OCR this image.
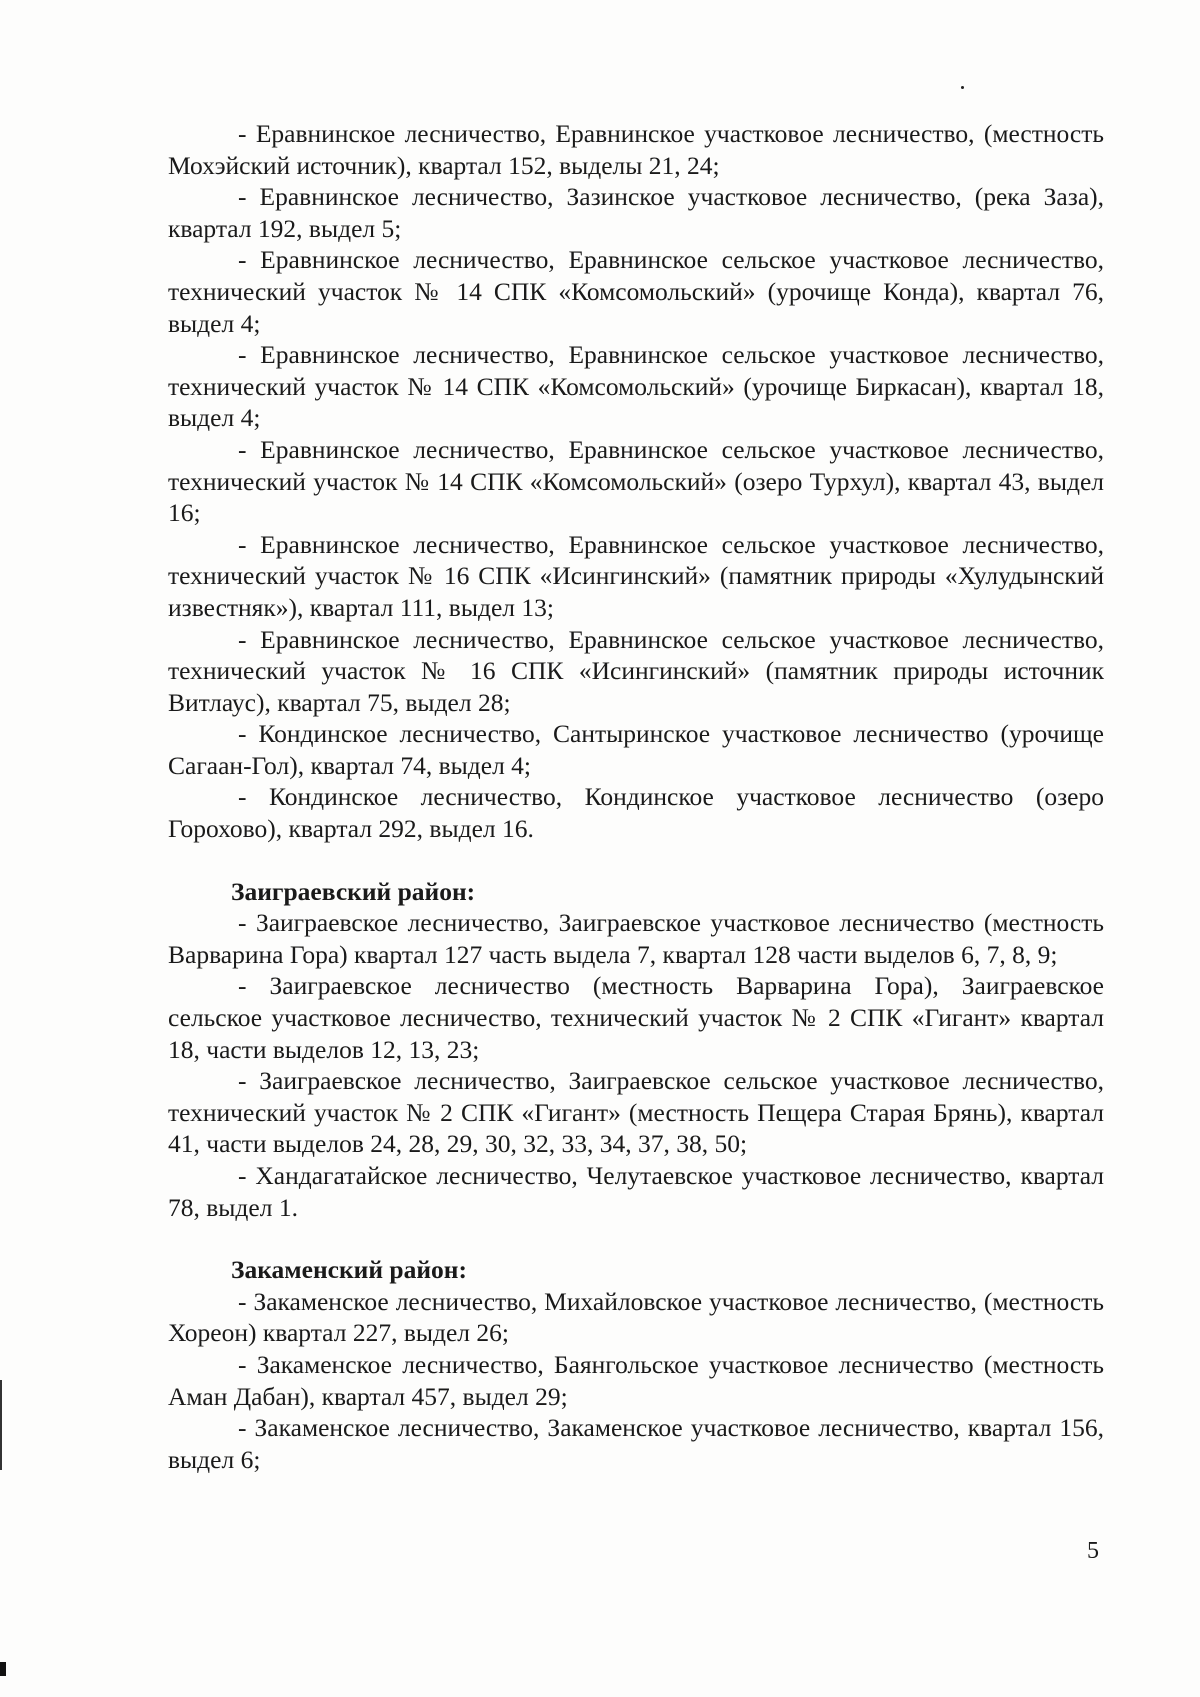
- Еравнинское лесничество, Еравнинское участковое лесничество, (местность Мохэйский источник), квартал 152, выделы 21, 24;

- Еравнинское лесничество, Зазинское участковое лесничество, (река Заза), квартал 192, выдел 5;

- Еравнинское лесничество, Еравнинское сельское участковое лесничество, технический участок № 14 СПК «Комсомольский» (урочище Конда), квартал 76, выдел 4;

- Еравнинское лесничество, Еравнинское сельское участковое лесничество, технический участок № 14 СПК «Комсомольский» (урочище Биркасан), квартал 18, выдел 4;

- Еравнинское лесничество, Еравнинское сельское участковое лесничество, технический участок № 14 СПК «Комсомольский» (озеро Турхул), квартал 43, выдел 16;

- Еравнинское лесничество, Еравнинское сельское участковое лесничество, технический участок № 16 СПК «Исингинский» (памятник природы «Хулудынский известняк»), квартал 111, выдел 13;

- Еравнинское лесничество, Еравнинское сельское участковое лесничество, технический участок № 16 СПК «Исингинский» (памятник природы источник Витлаус), квартал 75, выдел 28;

- Кондинское лесничество, Сантыринское участковое лесничество (урочище Сагаан-Гол), квартал 74, выдел 4;

- Кондинское лесничество, Кондинское участковое лесничество (озеро Горохово), квартал 292, выдел 16.

Заиграевский район:

- Заиграевское лесничество, Заиграевское участковое лесничество (местность Варварина Гора) квартал 127 часть выдела 7, квартал 128 части выделов 6, 7, 8, 9;

- Заиграевское лесничество (местность Варварина Гора), Заиграевское сельское участковое лесничество, технический участок № 2 СПК «Гигант» квартал 18, части выделов 12, 13, 23;

- Заиграевское лесничество, Заиграевское сельское участковое лесничество, технический участок № 2 СПК «Гигант» (местность Пещера Старая Брянь), квартал 41, части выделов 24, 28, 29, 30, 32, 33, 34, 37, 38, 50;

- Хандагатайское лесничество, Челутаевское участковое лесничество, квартал 78, выдел 1.

Закаменский район:

- Закаменское лесничество, Михайловское участковое лесничество, (местность Хореон) квартал 227, выдел 26;

- Закаменское лесничество, Баянгольское участковое лесничество (местность Аман Дабан), квартал 457, выдел 29;

- Закаменское лесничество, Закаменское участковое лесничество, квартал 156, выдел 6;

5
